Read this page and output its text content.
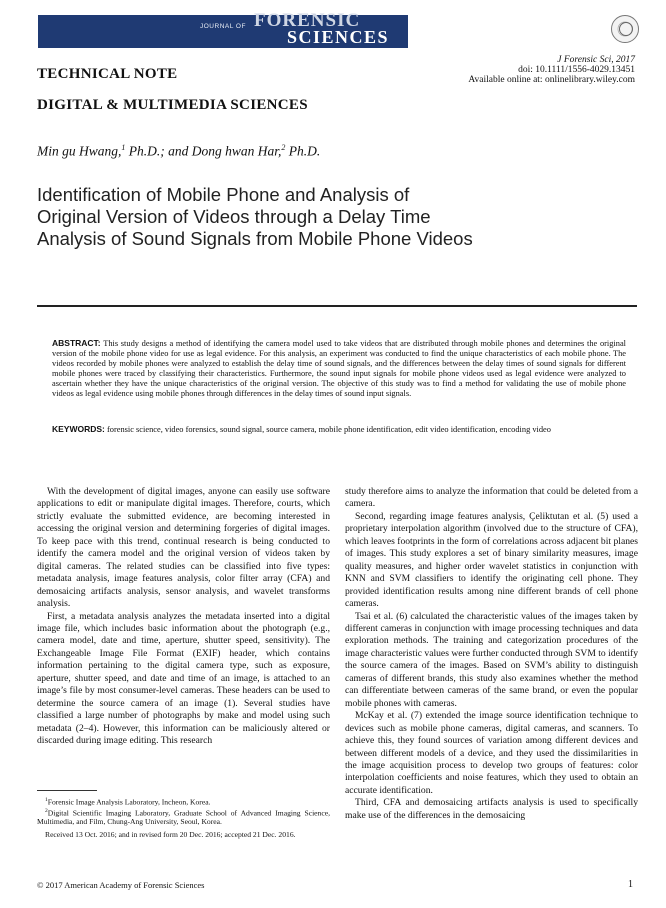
JOURNAL OF FORENSIC
SCIENCES
J Forensic Sci, 2017
doi: 10.1111/1556-4029.13451
Available online at: onlinelibrary.wiley.com
TECHNICAL NOTE
DIGITAL & MULTIMEDIA SCIENCES
Min gu Hwang,$^1$ Ph.D.; and Dong hwan Har,$^2$ Ph.D.
Identification of Mobile Phone and Analysis of Original Version of Videos through a Delay Time Analysis of Sound Signals from Mobile Phone Videos
ABSTRACT: This study designs a method of identifying the camera model used to take videos that are distributed through mobile phones and determines the original version of the mobile phone video for use as legal evidence. For this analysis, an experiment was conducted to find the unique characteristics of each mobile phone. The videos recorded by mobile phones were analyzed to establish the delay time of sound signals, and the differences between the delay times of sound signals for different mobile phones were traced by classifying their characteristics. Furthermore, the sound input signals for mobile phone videos used as legal evidence were analyzed to ascertain whether they have the unique characteristics of the original version. The objective of this study was to find a method for validating the use of mobile phone videos as legal evidence using mobile phones through differences in the delay times of sound input signals.
KEYWORDS: forensic science, video forensics, sound signal, source camera, mobile phone identification, edit video identification, encoding video

With the development of digital images, anyone can easily use software applications to edit or manipulate digital images. Therefore, courts, which strictly evaluate the submitted evidence, are becoming interested in accessing the original version and determining forgeries of digital images. To keep pace with this trend, continual research is being conducted to identify the camera model and the original version of videos taken by digital cameras. The related studies can be classified into five types: metadata analysis, image features analysis, color filter array (CFA) and demosaicing artifacts analysis, sensor analysis, and wavelet transforms analysis.

First, a metadata analysis analyzes the metadata inserted into a digital image file, which includes basic information about the photograph (e.g., camera model, date and time, aperture, shutter speed, sensitivity). The Exchangeable Image File Format (EXIF) header, which contains information pertaining to the digital camera type, such as exposure, aperture, shutter speed, and date and time of an image, is attached to an image’s file by most consumer-level cameras. These headers can be used to determine the source camera of an image (1). Several studies have classified a large number of photographs by make and model using such metadata (2–4). However, this information can be maliciously altered or discarded during image editing. This research

study therefore aims to analyze the information that could be deleted from a camera.

Second, regarding image features analysis, Çeliktutan et al. (5) used a proprietary interpolation algorithm (involved due to the structure of CFA), which leaves footprints in the form of correlations across adjacent bit planes of images. This study explores a set of binary similarity measures, image quality measures, and higher order wavelet statistics in conjunction with KNN and SVM classifiers to identify the originating cell phone. They provided identification results among nine different brands of cell phone cameras.

Tsai et al. (6) calculated the characteristic values of the images taken by different cameras in conjunction with image processing techniques and data exploration methods. The training and categorization procedures of the image characteristic values were further conducted through SVM to identify the source camera of the images. Based on SVM’s ability to distinguish cameras of different brands, this study also examines whether the method can differentiate between cameras of the same brand, or even the popular mobile phones with cameras.

McKay et al. (7) extended the image source identification technique to devices such as mobile phone cameras, digital cameras, and scanners. To achieve this, they found sources of variation among different devices and between different models of a device, and they used the dissimilarities in the image acquisition process to develop two groups of features: color interpolation coefficients and noise features, which they used to obtain an accurate identification.

Third, CFA and demosaicing artifacts analysis is used to specifically make use of the differences in the demosaicing

$^1$Forensic Image Analysis Laboratory, Incheon, Korea.

$^2$Digital Scientific Imaging Laboratory, Graduate School of Advanced Imaging Science, Multimedia, and Film, Chung-Ang University, Seoul, Korea.

Received 13 Oct. 2016; and in revised form 20 Dec. 2016; accepted 21 Dec. 2016.

© 2017 American Academy of Forensic Sciences	1
